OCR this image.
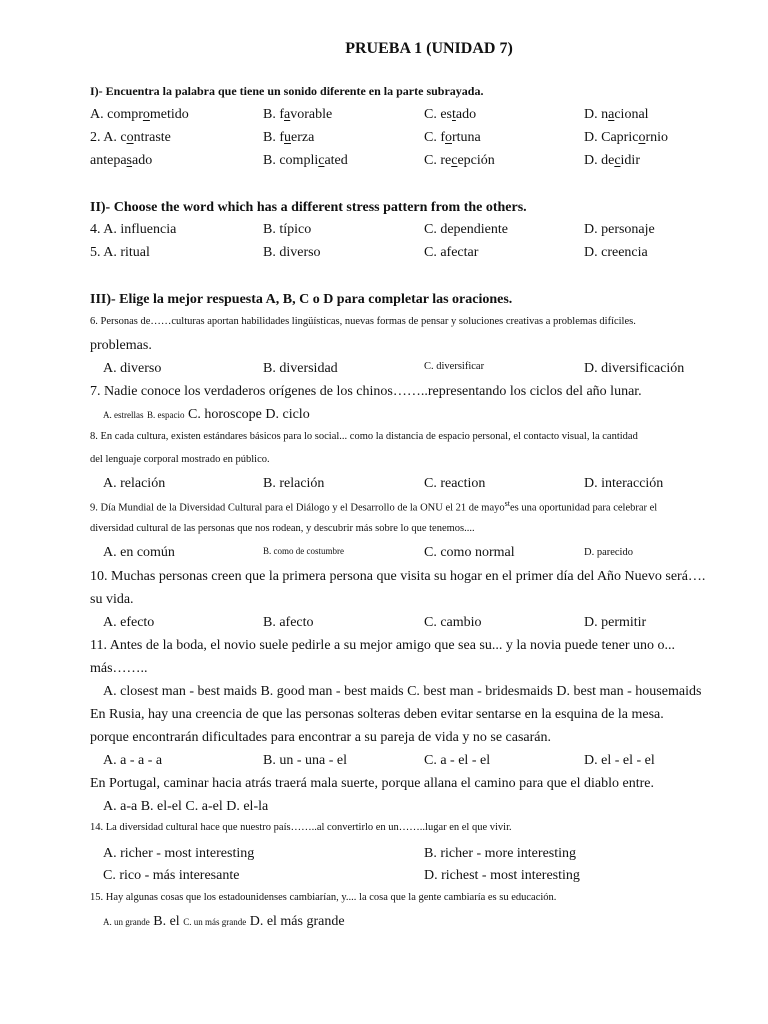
PRUEBA 1 (UNIDAD 7)
I)- Encuentra la palabra que tiene un sonido diferente en la parte subrayada.
A. comprometido	B. favorable	C. estado	D. nacional
2. A. contraste	B. fuerza	C. fortuna	D. Capricornio
antepasado	B. complicated	C. recepción	D. decidir
II)- Choose the word which has a different stress pattern from the others.
4. A. influencia	B. típico	C. dependiente	D. personaje
5. A. ritual	B. diverso	C. afectar	D. creencia
III)- Elige la mejor respuesta A, B, C o D para completar las oraciones.
6. Personas de……culturas aportan habilidades lingüísticas, nuevas formas de pensar y soluciones creativas a problemas difíciles.
problemas.
A. diverso	B. diversidad	C. diversificar	D. diversificación
7. Nadie conoce los verdaderos orígenes de los chinos……..representando los ciclos del año lunar.
A. estrellas B. espacio C. horoscope D. ciclo
8. En cada cultura, existen estándares básicos para lo social... como la distancia de espacio personal, el contacto visual, la cantidad
del lenguaje corporal mostrado en público.
A. relación	B. relación	C. reaction	D. interacción
9. Día Mundial de la Diversidad Cultural para el Diálogo y el Desarrollo de la ONU el 21 de mayo$^{st}$es una oportunidad para celebrar el
diversidad cultural de las personas que nos rodean, y descubrir más sobre lo que tenemos....
A. en común	B. como de costumbre	C. como normal	D. parecido
10. Muchas personas creen que la primera persona que visita su hogar en el primer día del Año Nuevo será….
su vida.
A. efecto	B. afecto	C. cambio	D. permitir
11. Antes de la boda, el novio suele pedirle a su mejor amigo que sea su... y la novia puede tener uno o...
más……..
A. closest man - best maids B. good man - best maids C. best man - bridesmaids D. best man - housemaids
En Rusia, hay una creencia de que las personas solteras deben evitar sentarse en la esquina de la mesa.
porque encontrarán dificultades para encontrar a su pareja de vida y no se casarán.
A. a - a - a	B. un - una - el	C. a - el - el	D. el - el - el
En Portugal, caminar hacia atrás traerá mala suerte, porque allana el camino para que el diablo entre.
A. a-a B. el-el C. a-el D. el-la
14. La diversidad cultural hace que nuestro país……..al convertirlo en un……..lugar en el que vivir.
A. richer - most interesting	B. richer - more interesting
C. rico - más interesante	D. richest - most interesting
15. Hay algunas cosas que los estadounidenses cambiarían, y.... la cosa que la gente cambiaría es su educación.
A. un grande B. el C. un más grande D. el más grande
